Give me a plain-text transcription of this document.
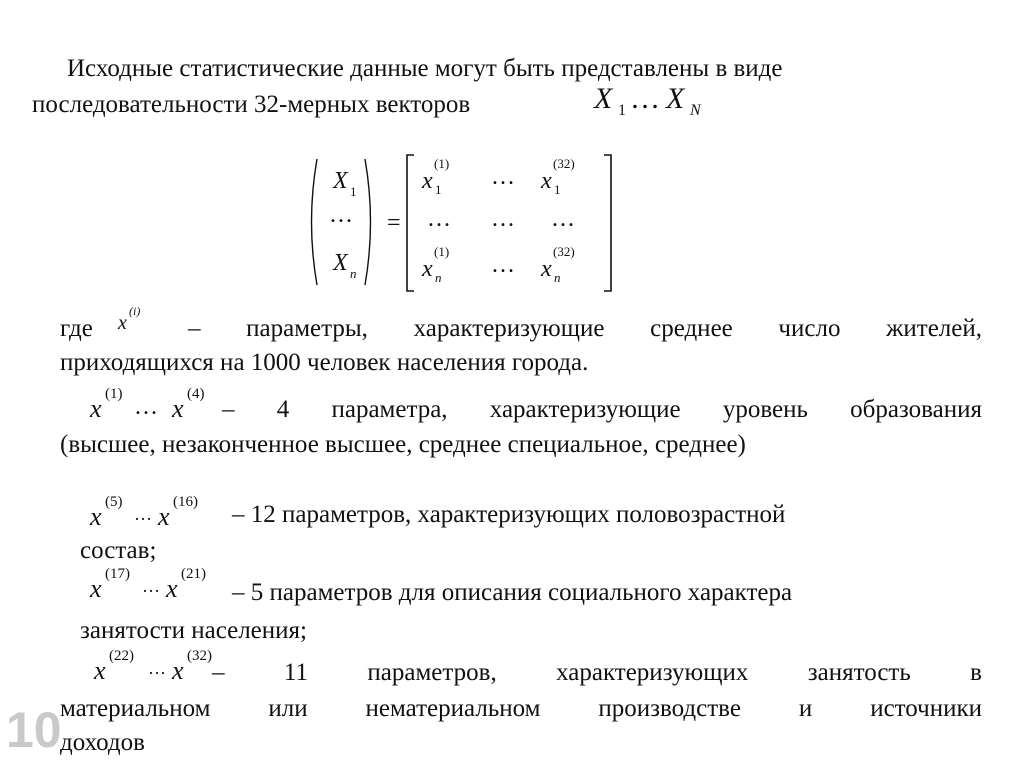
Исходные статистические данные могут быть представлены в виде
последовательности 32-мерных векторов	X 1 … X N
X 1
…
X n
=
x
(1)
1 … x
(32)
1
… … …
x
(1)
n … x
(32)
n
где x
(i)
– параметры, характеризующие среднее число жителей,
приходящихся на 1000 человек населения города.
x (1) … x (4)
– 4 параметра, характеризующие уровень образования
(высшее, незаконченное высшее, среднее специальное, среднее)
x (5)
… x (16) – 12 параметров, характеризующих половозрастной
состав;
x (17)
… x (21)
– 5 параметров для описания социального характера
занятости населения;
x (22)
… x (32)
– 11 параметров, характеризующих занятость в
материальном или нематериальном производстве и источники
доходов
10
